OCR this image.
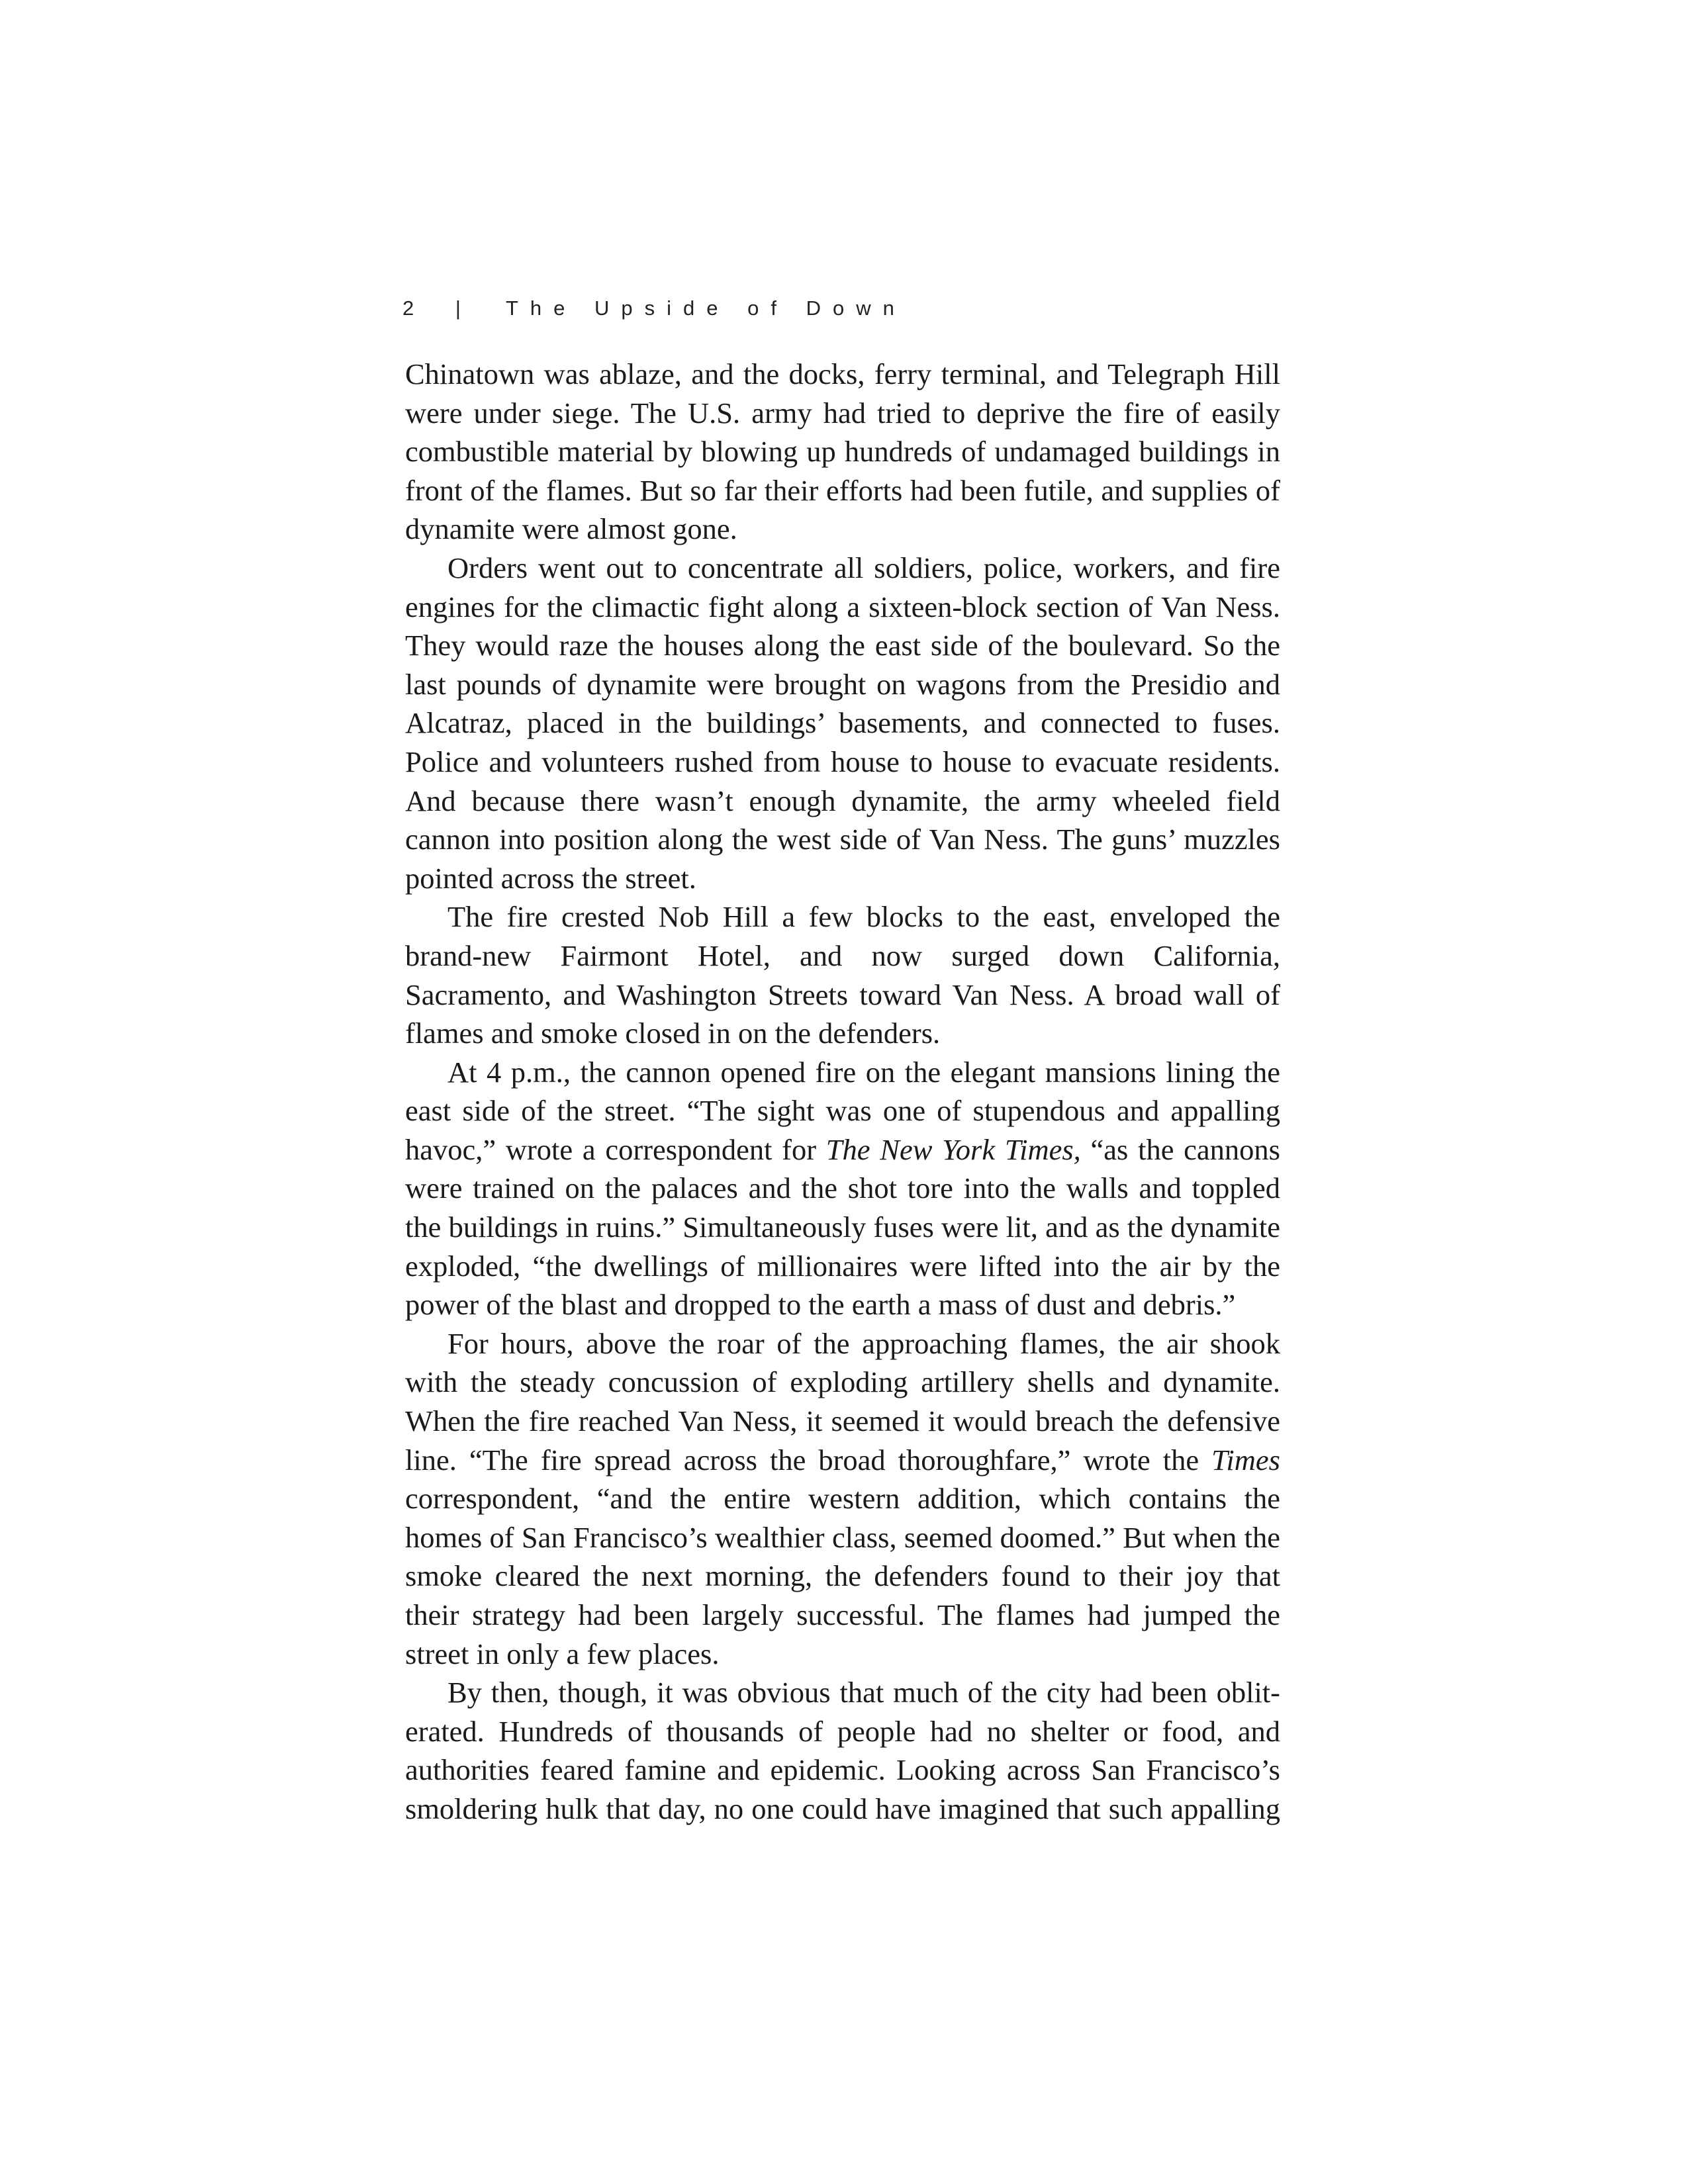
2 | The Upside of Down

Chinatown was ablaze, and the docks, ferry terminal, and Telegraph Hill were under siege. The U.S. army had tried to deprive the fire of easily combustible material by blowing up hundreds of undamaged buildings in front of the flames. But so far their efforts had been futile, and supplies of dynamite were almost gone.

Orders went out to concentrate all soldiers, police, workers, and fire engines for the climactic fight along a sixteen-block section of Van Ness. They would raze the houses along the east side of the boulevard. So the last pounds of dynamite were brought on wagons from the Presidio and Alcatraz, placed in the buildings’ basements, and connected to fuses. Police and volunteers rushed from house to house to evacuate residents. And because there wasn’t enough dynamite, the army wheeled field cannon into position along the west side of Van Ness. The guns’ muzzles pointed across the street.

The fire crested Nob Hill a few blocks to the east, enveloped the brand-new Fairmont Hotel, and now surged down California, Sacramento, and Washington Streets toward Van Ness. A broad wall of flames and smoke closed in on the defenders.

At 4 p.m., the cannon opened fire on the elegant mansions lining the east side of the street. “The sight was one of stupendous and appalling havoc,” wrote a correspondent for The New York Times, “as the cannons were trained on the palaces and the shot tore into the walls and toppled the buildings in ruins.” Simultaneously fuses were lit, and as the dynamite exploded, “the dwellings of millionaires were lifted into the air by the power of the blast and dropped to the earth a mass of dust and debris.”

For hours, above the roar of the approaching flames, the air shook with the steady concussion of exploding artillery shells and dynamite. When the fire reached Van Ness, it seemed it would breach the defensive line. “The fire spread across the broad thoroughfare,” wrote the Times correspondent, “and the entire western addition, which contains the homes of San Francisco’s wealthier class, seemed doomed.” But when the smoke cleared the next morning, the defenders found to their joy that their strategy had been largely successful. The flames had jumped the street in only a few places.

By then, though, it was obvious that much of the city had been obliterated. Hundreds of thousands of people had no shelter or food, and authorities feared famine and epidemic. Looking across San Francisco’s smoldering hulk that day, no one could have imagined that such appalling
